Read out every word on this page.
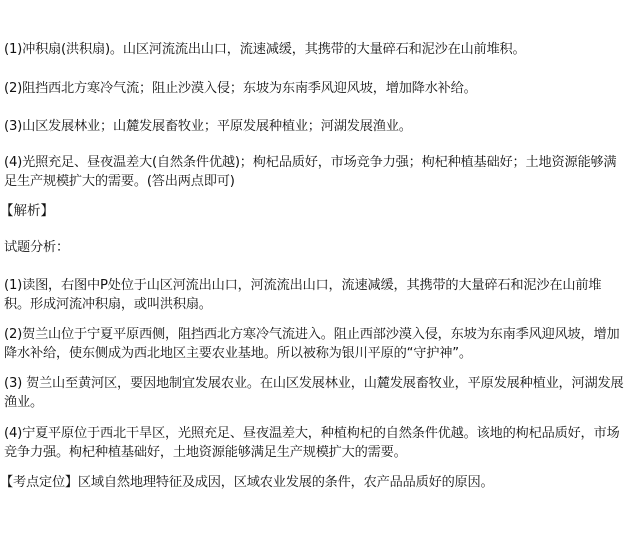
(1)冲积扇(洪积扇)。山区河流流出山口，流速减缓，其携带的大量碎石和泥沙在山前堆积。

(2)阻挡西北方寒冷气流；阻止沙漠入侵；东坡为东南季风迎风坡，增加降水补给。

(3)山区发展林业；山麓发展畜牧业；平原发展种植业；河湖发展渔业。

(4)光照充足、昼夜温差大(自然条件优越)；枸杞品质好，市场竞争力强；枸杞种植基础好；土地资源能够满足生产规模扩大的需要。(答出两点即可)

【解析】

试题分析：

(1)读图，右图中P处位于山区河流出山口，河流流出山口，流速减缓，其携带的大量碎石和泥沙在山前堆积。形成河流冲积扇，或叫洪积扇。

(2)贺兰山位于宁夏平原西侧，阻挡西北方寒冷气流进入。阻止西部沙漠入侵，东坡为东南季风迎风坡，增加降水补给，使东侧成为西北地区主要农业基地。所以被称为银川平原的“守护神”。

(3) 贺兰山至黄河区，要因地制宜发展农业。在山区发展林业，山麓发展畜牧业，平原发展种植业，河湖发展渔业。

(4)宁夏平原位于西北干旱区，光照充足、昼夜温差大，种植枸杞的自然条件优越。该地的枸杞品质好，市场竞争力强。枸杞种植基础好，土地资源能够满足生产规模扩大的需要。

【考点定位】区域自然地理特征及成因，区域农业发展的条件，农产品品质好的原因。
